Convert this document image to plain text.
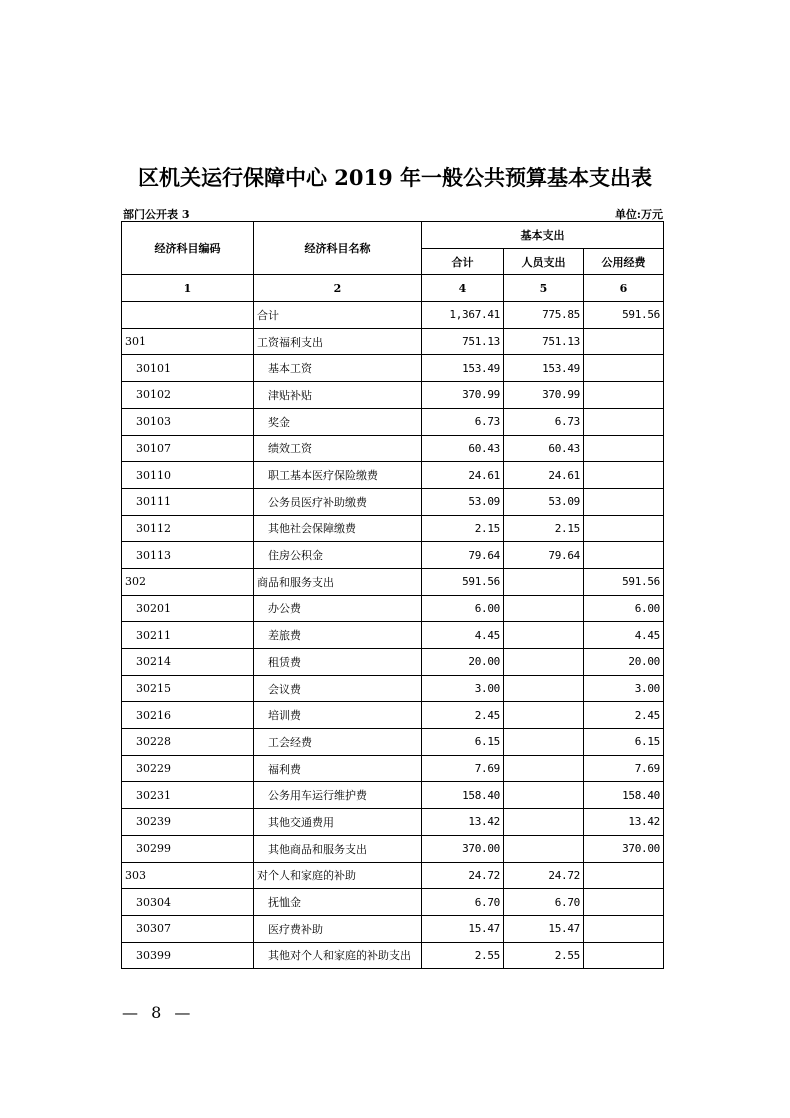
区机关运行保障中心 2019 年一般公共预算基本支出表
部门公开表 3	单位:万元
经济科目编码	经济科目名称	基本支出		
		合计	人员支出	公用经费
1	2	4	5	6
	合计	1,367.41	775.85	591.56
301	工资福利支出	751.13	751.13	
30101	基本工资	153.49	153.49	
30102	津贴补贴	370.99	370.99	
30103	奖金	6.73	6.73	
30107	绩效工资	60.43	60.43	
30110	职工基本医疗保险缴费	24.61	24.61	
30111	公务员医疗补助缴费	53.09	53.09	
30112	其他社会保障缴费	2.15	2.15	
30113	住房公积金	79.64	79.64	
302	商品和服务支出	591.56		591.56
30201	办公费	6.00		6.00
30211	差旅费	4.45		4.45
30214	租赁费	20.00		20.00
30215	会议费	3.00		3.00
30216	培训费	2.45		2.45
30228	工会经费	6.15		6.15
30229	福利费	7.69		7.69
30231	公务用车运行维护费	158.40		158.40
30239	其他交通费用	13.42		13.42
30299	其他商品和服务支出	370.00		370.00
303	对个人和家庭的补助	24.72	24.72	
30304	抚恤金	6.70	6.70	
30307	医疗费补助	15.47	15.47	
30399	其他对个人和家庭的补助支出	2.55	2.55	
— 8 —
